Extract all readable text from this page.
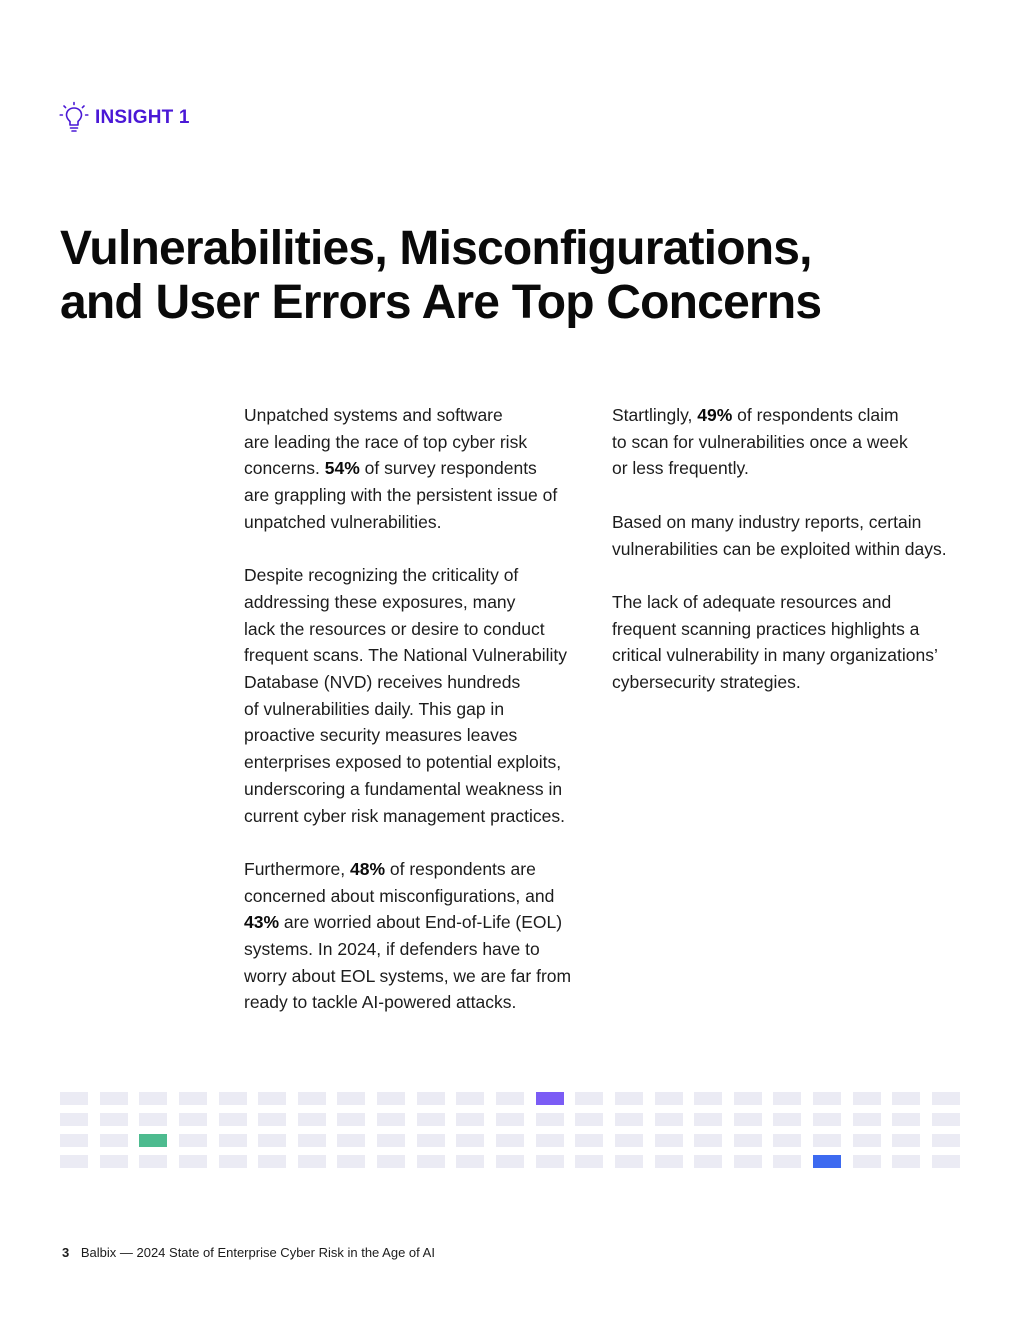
INSIGHT 1
Vulnerabilities, Misconfigurations,
and User Errors Are Top Concerns

Unpatched systems and software
are leading the race of top cyber risk
concerns. 54% of survey respondents
are grappling with the persistent issue of
unpatched vulnerabilities.

Despite recognizing the criticality of
addressing these exposures, many
lack the resources or desire to conduct
frequent scans. The National Vulnerability
Database (NVD) receives hundreds
of vulnerabilities daily. This gap in
proactive security measures leaves
enterprises exposed to potential exploits,
underscoring a fundamental weakness in
current cyber risk management practices.

Furthermore, 48% of respondents are
concerned about misconfigurations, and
43% are worried about End-of-Life (EOL)
systems. In 2024, if defenders have to
worry about EOL systems, we are far from
ready to tackle AI-powered attacks.

Startlingly, 49% of respondents claim
to scan for vulnerabilities once a week
or less frequently.

Based on many industry reports, certain
vulnerabilities can be exploited within days.

The lack of adequate resources and
frequent scanning practices highlights a
critical vulnerability in many organizations’
cybersecurity strategies.

3 Balbix — 2024 State of Enterprise Cyber Risk in the Age of AI
